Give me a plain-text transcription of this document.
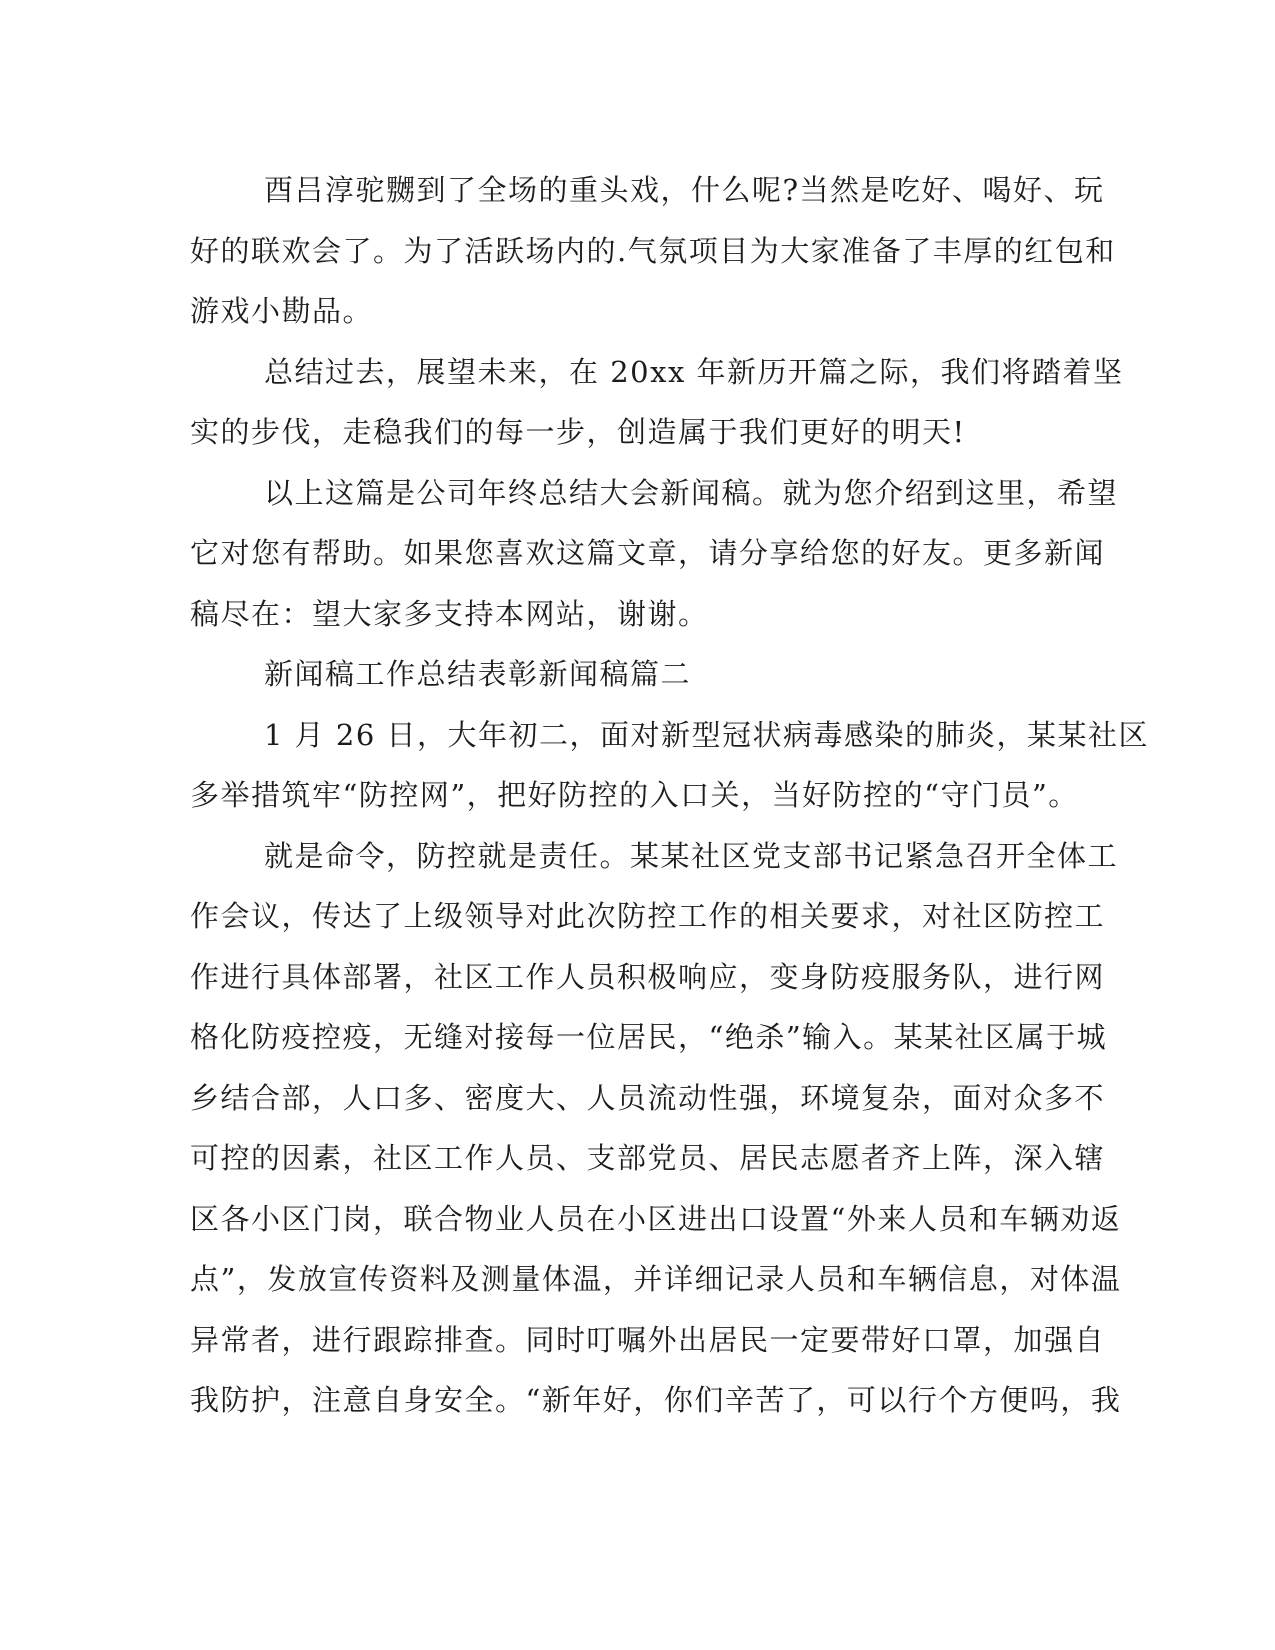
酉吕淳驼嬲到了全场的重头戏，什么呢?当然是吃好、喝好、玩
好的联欢会了。为了活跃场内的.气氛项目为大家准备了丰厚的红包和
游戏小勘品。
总结过去，展望未来，在 20xx 年新历开篇之际，我们将踏着坚
实的步伐，走稳我们的每一步，创造属于我们更好的明天!
以上这篇是公司年终总结大会新闻稿。就为您介绍到这里，希望
它对您有帮助。如果您喜欢这篇文章，请分享给您的好友。更多新闻
稿尽在：望大家多支持本网站，谢谢。
新闻稿工作总结表彰新闻稿篇二
1 月 26 日，大年初二，面对新型冠状病毒感染的肺炎，某某社区
多举措筑牢“防控网”，把好防控的入口关，当好防控的“守门员”。
就是命令，防控就是责任。某某社区党支部书记紧急召开全体工
作会议，传达了上级领导对此次防控工作的相关要求，对社区防控工
作进行具体部署，社区工作人员积极响应，变身防疫服务队，进行网
格化防疫控疫，无缝对接每一位居民，“绝杀”输入。某某社区属于城
乡结合部，人口多、密度大、人员流动性强，环境复杂，面对众多不
可控的因素，社区工作人员、支部党员、居民志愿者齐上阵，深入辖
区各小区门岗，联合物业人员在小区进出口设置“外来人员和车辆劝返
点”，发放宣传资料及测量体温，并详细记录人员和车辆信息，对体温
异常者，进行跟踪排查。同时叮嘱外出居民一定要带好口罩，加强自
我防护，注意自身安全。“新年好，你们辛苦了，可以行个方便吗，我
